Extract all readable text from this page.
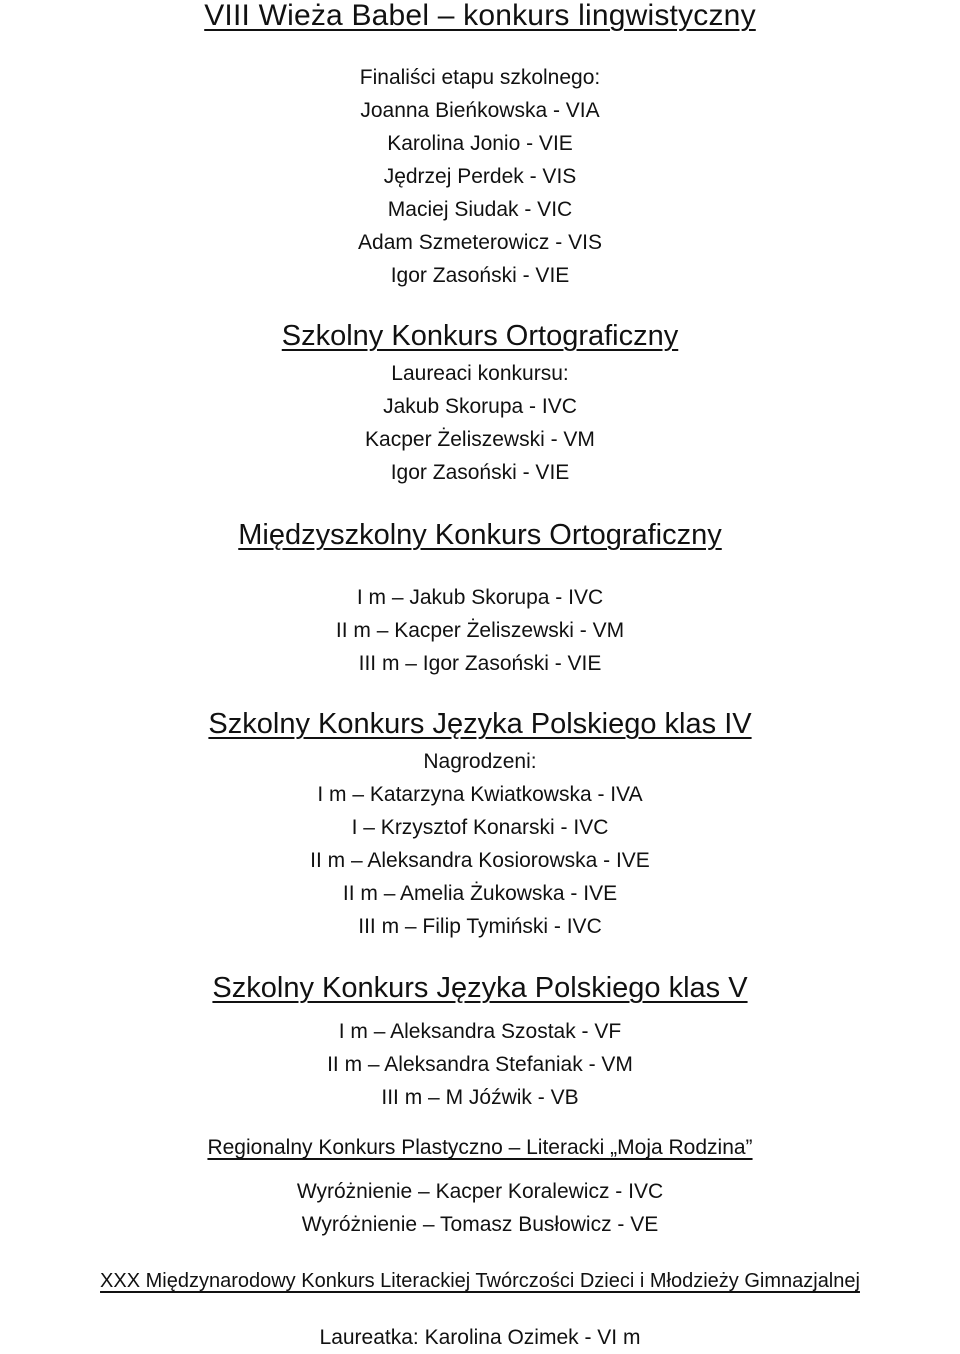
VIII Wieża Babel – konkurs lingwistyczny
Finaliści etapu szkolnego:
Joanna Bieńkowska - VIA
Karolina Jonio - VIE
Jędrzej Perdek - VIS
Maciej Siudak - VIC
Adam Szmeterowicz - VIS
Igor Zasoński - VIE
Szkolny Konkurs Ortograficzny
Laureaci konkursu:
Jakub Skorupa - IVC
Kacper Żeliszewski - VM
Igor Zasoński - VIE
Międzyszkolny Konkurs Ortograficzny
I m – Jakub Skorupa - IVC
II m – Kacper Żeliszewski - VM
III m – Igor Zasoński - VIE
Szkolny Konkurs Języka Polskiego klas IV
Nagrodzeni:
I m – Katarzyna Kwiatkowska - IVA
I – Krzysztof Konarski - IVC
II m – Aleksandra Kosiorowska - IVE
II m – Amelia Żukowska - IVE
III m – Filip Tymiński - IVC
Szkolny Konkurs Języka Polskiego klas V
I m – Aleksandra Szostak - VF
II m – Aleksandra Stefaniak - VM
III m – M Jóźwik - VB
Regionalny Konkurs Plastyczno – Literacki „Moja Rodzina”
Wyróżnienie – Kacper Koralewicz - IVC
Wyróżnienie – Tomasz Busłowicz - VE
XXX Międzynarodowy Konkurs Literackiej Twórczości Dzieci i Młodzieży Gimnazjalnej
Laureatka: Karolina Ozimek - VI m
